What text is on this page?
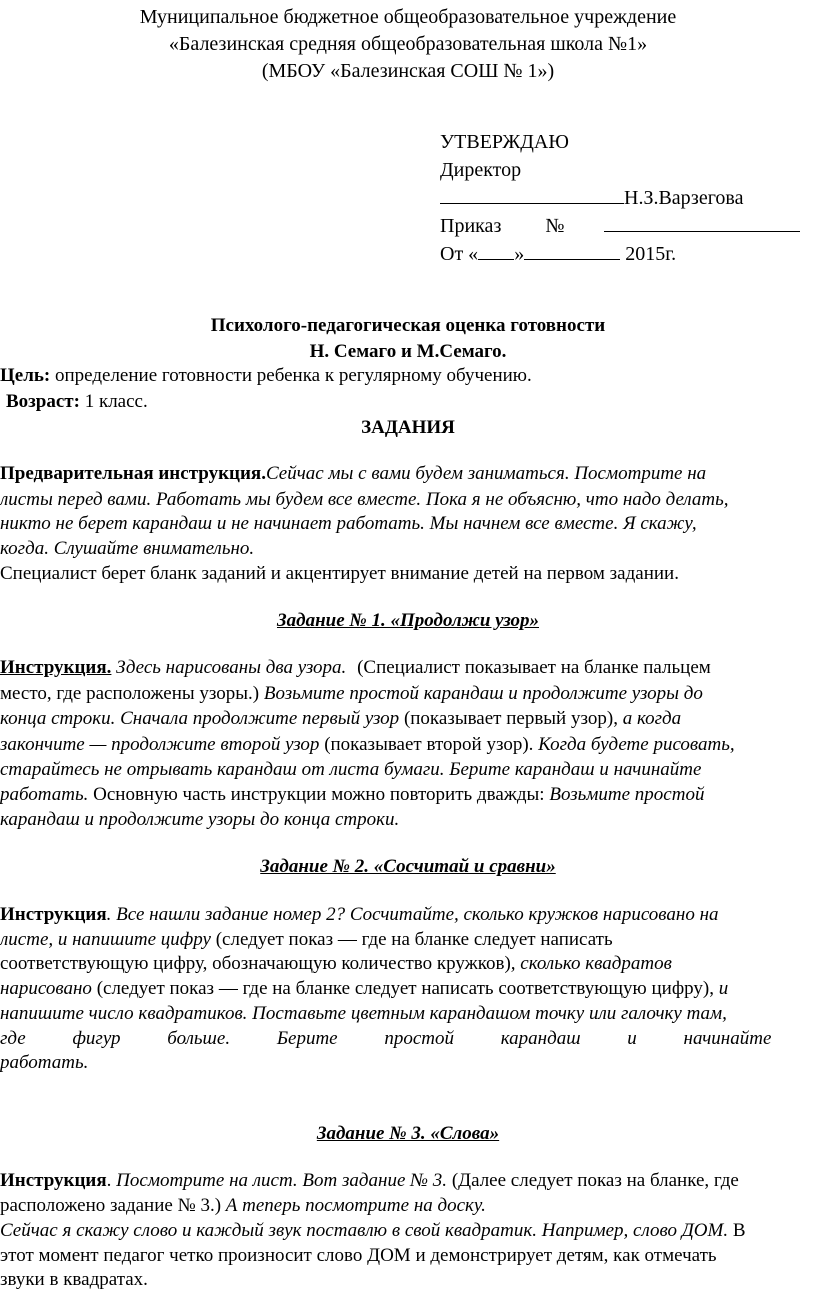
Муниципальное бюджетное общеобразовательное учреждение
«Балезинская средняя общеобразовательная школа №1»
(МБОУ «Балезинская СОШ № 1»)
УТВЕРЖДАЮ
Директор
Н.З.Варзегова
Приказ №
От « »	2015г.
Психолого-педагогическая оценка готовности
Н. Семаго и М.Семаго.
Цель: определение готовности ребенка к регулярному обучению.
Возраст: 1 класс.
ЗАДАНИЯ
Предварительная инструкция.Сейчас мы с вами будем заниматься. Посмотрите на
листы перед вами. Работать мы будем все вместе. Пока я не объясню, что надо делать,
никто не берет карандаш и не начинает работать. Мы начнем все вместе. Я скажу,
когда. Слушайте внимательно.
Специалист берет бланк заданий и акцентирует внимание детей на первом задании.
Задание № 1. «Продолжи узор»
Инструкция. Здесь нарисованы два узора. (Специалист показывает на бланке пальцем
место, где расположены узоры.) Возьмите простой карандаш и продолжите узоры до
конца строки. Сначала продолжите первый узор (показывает первый узор), а когда
закончите — продолжите второй узор (показывает второй узор). Когда будете рисовать,
старайтесь не отрывать карандаш от листа бумаги. Берите карандаш и начинайте
работать. Основную часть инструкции можно повторить дважды: Возьмите простой
карандаш и продолжите узоры до конца строки.
Задание № 2. «Сосчитай и сравни»
Инструкция. Все нашли задание номер 2? Сосчитайте, сколько кружков нарисовано на
листе, и напишите цифру (следует показ — где на бланке следует написать
соответствующую цифру, обозначающую количество кружков), сколько квадратов
нарисовано (следует показ — где на бланке следует написать соответствующую цифру), и
напишите число квадратиков. Поставьте цветным карандашом точку или галочку там,
где фигур больше. Берите простой карандаш и начинайте
работать.
Задание № 3. «Слова»
Инструкция. Посмотрите на лист. Вот задание № 3. (Далее следует показ на бланке, где
расположено задание № 3.) А теперь посмотрите на доску.
Сейчас я скажу слово и каждый звук поставлю в свой квадратик. Например, слово ДОМ. В
этот момент педагог четко произносит слово ДОМ и демонстрирует детям, как отмечать
звуки в квадратах.
